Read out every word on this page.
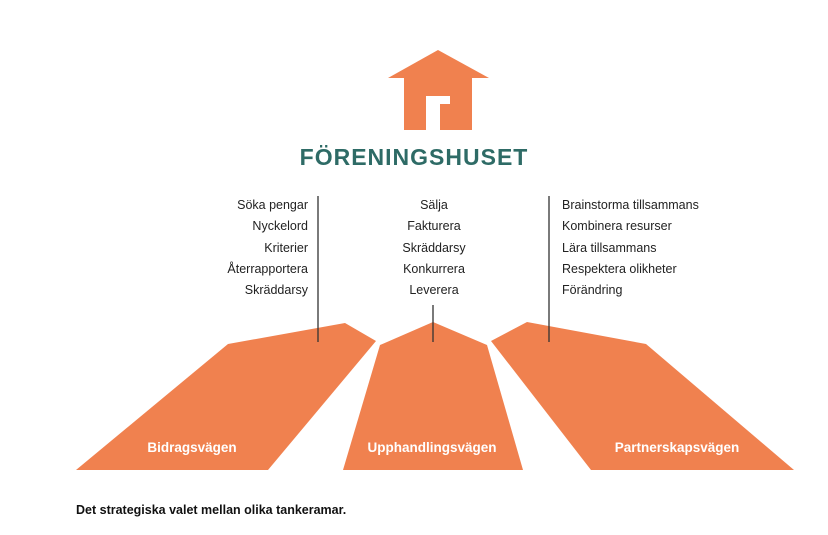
FÖRENINGSHUSET
Söka pengar
Nyckelord
Kriterier
Återrapportera
Skräddarsy
Sälja
Fakturera
Skräddarsy
Konkurrera
Leverera
Brainstorma tillsammans
Kombinera resurser
Lära tillsammans
Respektera olikheter
Förändring
Bidragsvägen	Upphandlingsvägen	Partnerskapsvägen
Det strategiska valet mellan olika tankeramar.
